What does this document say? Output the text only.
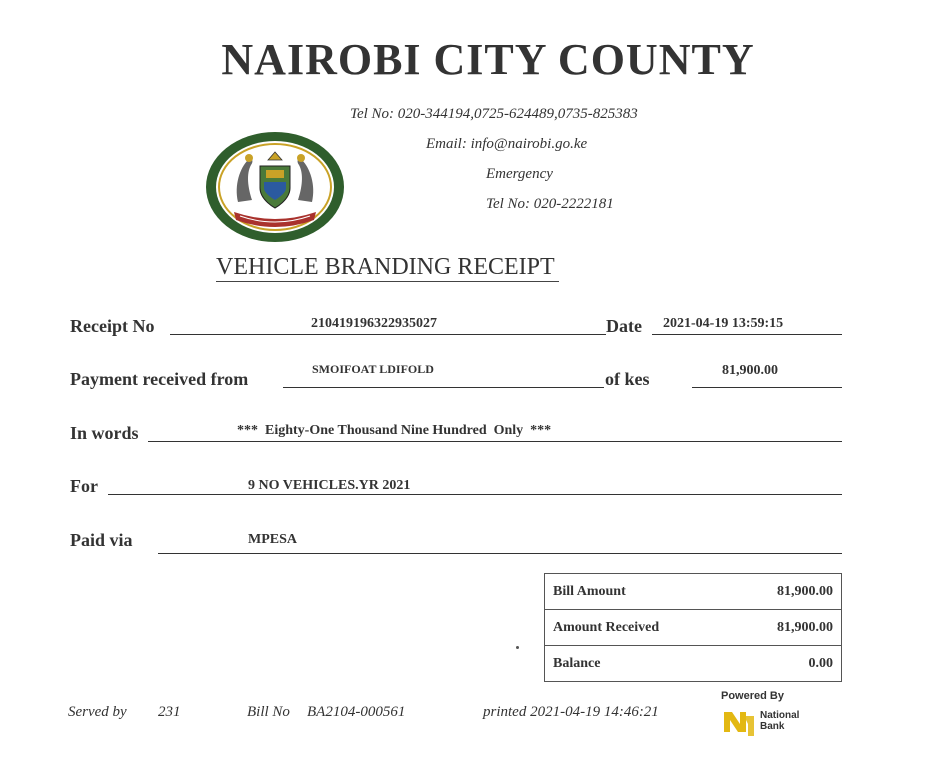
NAIROBI CITY COUNTY
Tel No: 020-344194,0725-624489,0735-825383
Email: info@nairobi.go.ke
Emergency
Tel No: 020-2222181
VEHICLE BRANDING RECEIPT
Receipt No	210419196322935027	Date 2021-04-19 13:59:15
Payment received from	SMOIFOAT LDIFOLD	of kes	81,900.00
In words	***  Eighty-One Thousand Nine Hundred  Only  ***
For	9 NO VEHICLES.YR 2021
Paid via	MPESA
Bill Amount	81,900.00
Amount Received	81,900.00
Balance	0.00
Served by 231	Bill No BA2104-000561	printed 2021-04-19 14:46:21
Powered By
National
Bank
